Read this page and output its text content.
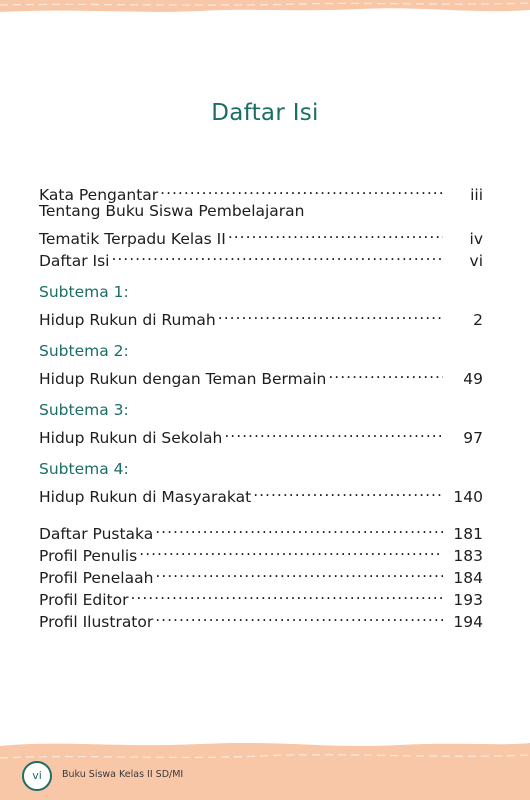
Daftar Isi
Kata Pengantar .....	iii
Tentang Buku Siswa Pembelajaran
Tematik Terpadu Kelas II .....	iv
Daftar Isi .....	vi
Subtema 1:
Hidup Rukun di Rumah .....	2
Subtema 2:
Hidup Rukun dengan Teman Bermain .....	49
Subtema 3:
Hidup Rukun di Sekolah .....	97
Subtema 4:
Hidup Rukun di Masyarakat .....	140
Daftar Pustaka .....	181
Profil Penulis .....	183
Profil Penelaah .....	184
Profil Editor .....	193
Profil Ilustrator .....	194
vi	Buku Siswa Kelas II SD/MI
